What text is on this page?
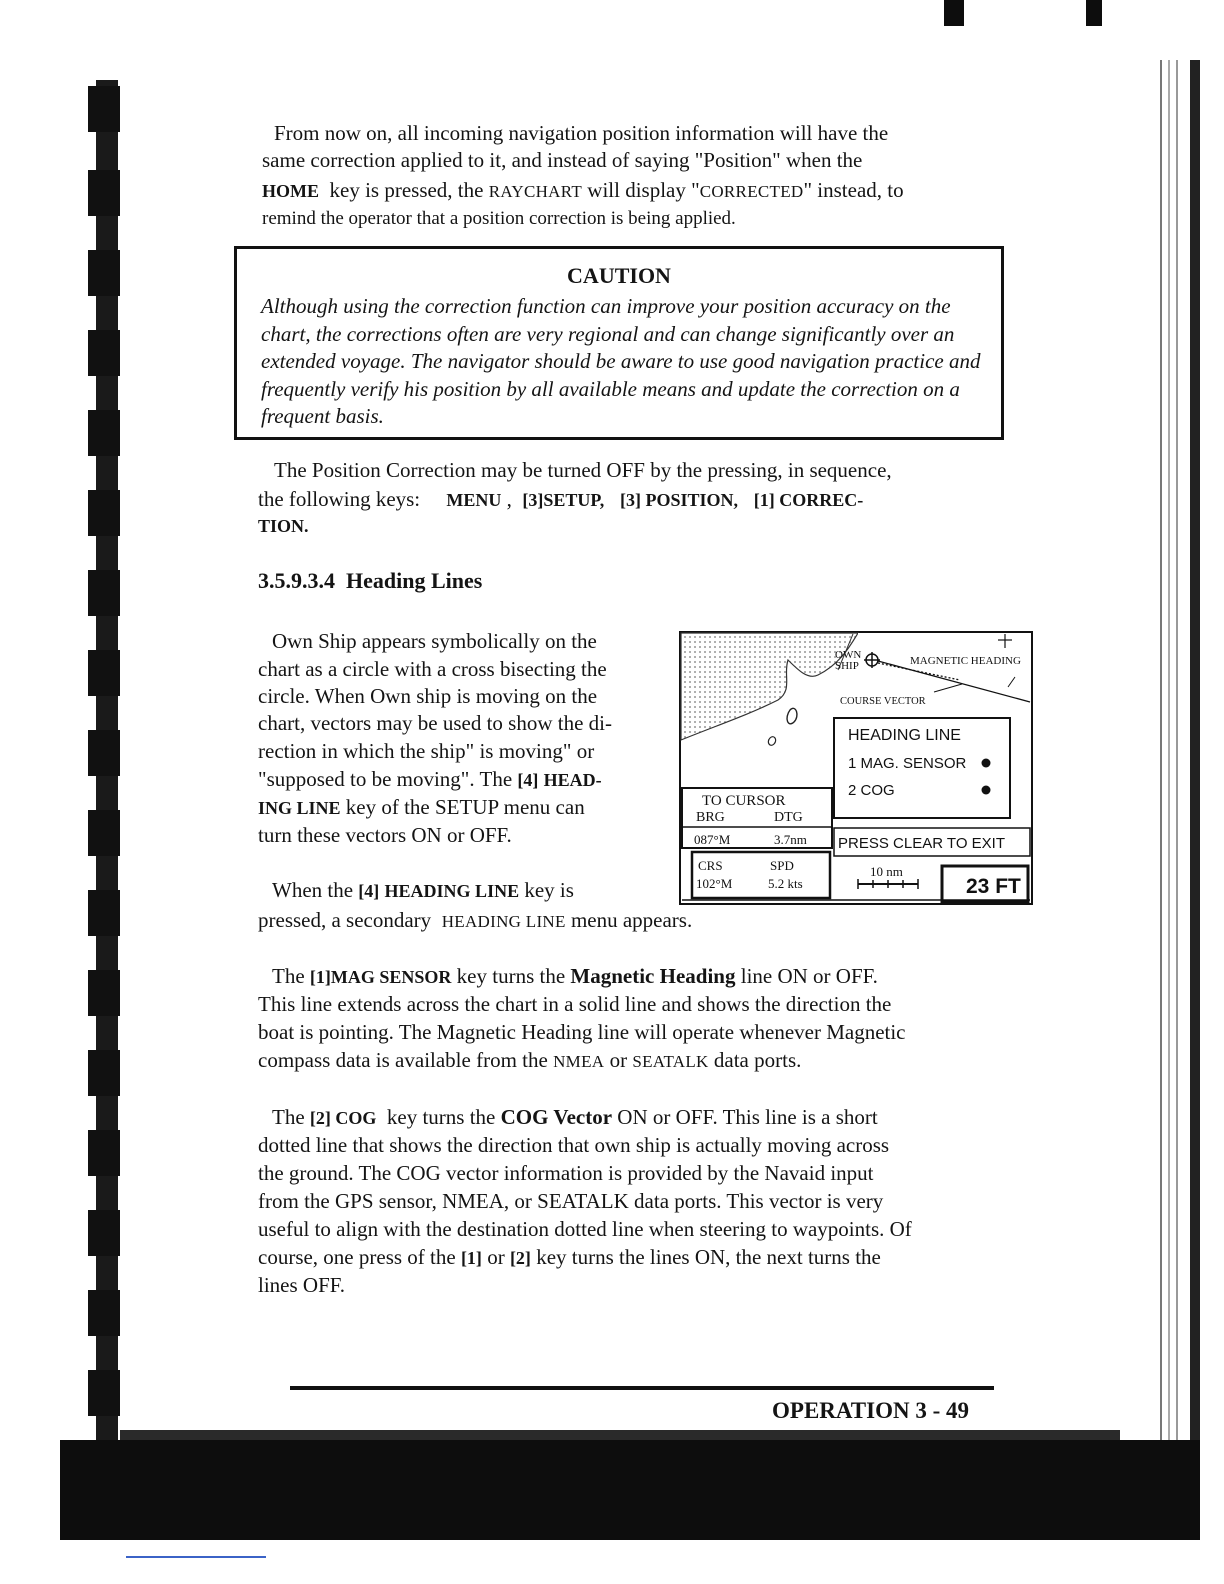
From now on, all incoming navigation position information will have the
same correction applied to it, and instead of saying "Position" when the
HOME key is pressed, the RAYCHART will display "CORRECTED" instead, to
remind the operator that a position correction is being applied.
CAUTION
Although using the correction function can improve your position accuracy on the chart, the corrections often are very regional and can change significantly over an extended voyage. The navigator should be aware to use good navigation practice and frequently verify his position by all available means and update the correction on a frequent basis.
The Position Correction may be turned OFF by the pressing, in sequence,
the following keys: MENU , [3]SETUP, [3] POSITION, [1] CORREC-
TION.
3.5.9.3.4 Heading Lines
Own Ship appears symbolically on the
chart as a circle with a cross bisecting the
circle. When Own ship is moving on the
chart, vectors may be used to show the di-
rection in which the ship" is moving" or
"supposed to be moving". The [4] HEAD-
ING LINE key of the SETUP menu can
turn these vectors ON or OFF.
When the [4] HEADING LINE key is
pressed, a secondary HEADING LINE menu appears.
OWN
SHIP	MAGNETIC HEADING
COURSE VECTOR
HEADING LINE
1 MAG. SENSOR
2 COG
TO CURSOR
BRG	DTG
087°M	3.7nm PRESS CLEAR TO EXIT
CRS	SPD
102°M	5.2 kts
10 nm
23 FT
The [1]MAG SENSOR key turns the Magnetic Heading line ON or OFF.
This line extends across the chart in a solid line and shows the direction the
boat is pointing. The Magnetic Heading line will operate whenever Magnetic
compass data is available from the NMEA or SEATALK data ports.
The [2] COG key turns the COG Vector ON or OFF. This line is a short
dotted line that shows the direction that own ship is actually moving across
the ground. The COG vector information is provided by the Navaid input
from the GPS sensor, NMEA, or SEATALK data ports. This vector is very
useful to align with the destination dotted line when steering to waypoints. Of
course, one press of the [1] or [2] key turns the lines ON, the next turns the
lines OFF.
OPERATION 3 - 49
